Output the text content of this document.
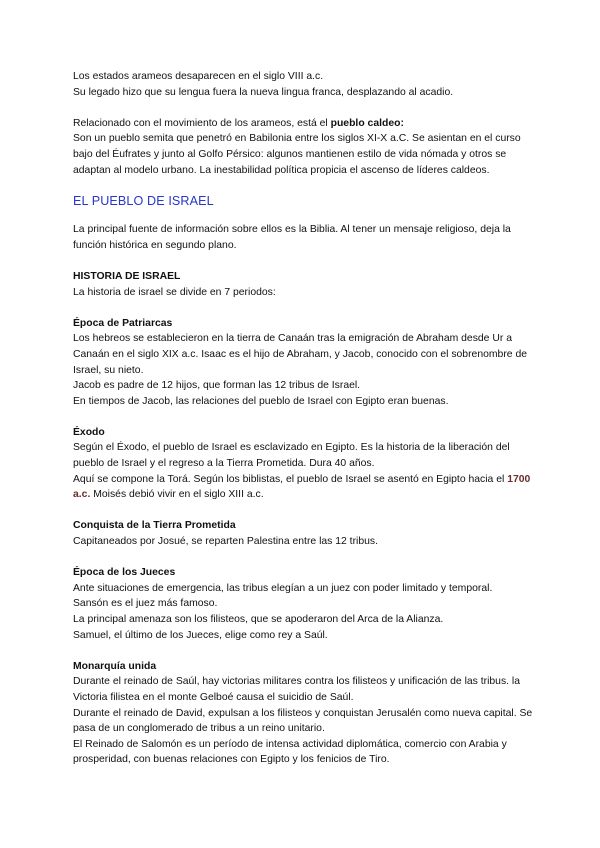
Los estados arameos desaparecen en el siglo VIII a.c.

Su legado hizo que su lengua fuera la nueva lingua franca, desplazando al acadio.

Relacionado con el movimiento de los arameos, está el pueblo caldeo:

Son un pueblo semita que penetró en Babilonia entre los siglos XI-X a.C. Se asientan en el curso bajo del Éufrates y junto al Golfo Pérsico: algunos mantienen estilo de vida nómada y otros se adaptan al modelo urbano. La inestabilidad política propicia el ascenso de líderes caldeos.

EL PUEBLO DE ISRAEL

La principal fuente de información sobre ellos es la Biblia. Al tener un mensaje religioso, deja la función histórica en segundo plano.

HISTORIA DE ISRAEL

La historia de israel se divide en 7 periodos:

Época de Patriarcas

Los hebreos se establecieron en la tierra de Canaán tras la emigración de Abraham desde Ur a Canaán en el siglo XIX a.c. Isaac es el hijo de Abraham, y Jacob, conocido con el sobrenombre de Israel, su nieto.

Jacob es padre de 12 hijos, que forman las 12 tribus de Israel.

En tiempos de Jacob, las relaciones del pueblo de Israel con Egipto eran buenas.

Éxodo

Según el Éxodo, el pueblo de Israel es esclavizado en Egipto. Es la historia de la liberación del pueblo de Israel y el regreso a la Tierra Prometida. Dura 40 años.

Aquí se compone la Torá. Según los biblistas, el pueblo de Israel se asentó en Egipto hacia el 1700 a.c. Moisés debió vivir en el siglo XIII a.c.

Conquista de la Tierra Prometida

Capitaneados por Josué, se reparten Palestina entre las 12 tribus.

Época de los Jueces

Ante situaciones de emergencia, las tribus elegían a un juez con poder limitado y temporal.

Sansón es el juez más famoso.

La principal amenaza son los filisteos, que se apoderaron del Arca de la Alianza.

Samuel, el último de los Jueces, elige como rey a Saúl.

Monarquía unida

Durante el reinado de Saúl, hay victorias militares contra los filisteos y unificación de las tribus. la Victoria filistea en el monte Gelboé causa el suicidio de Saúl.

Durante el reinado de David, expulsan a los filisteos y conquistan Jerusalén como nueva capital. Se pasa de un conglomerado de tribus a un reino unitario.

El Reinado de Salomón es un período de intensa actividad diplomática, comercio con Arabia y prosperidad, con buenas relaciones con Egipto y los fenicios de Tiro.
